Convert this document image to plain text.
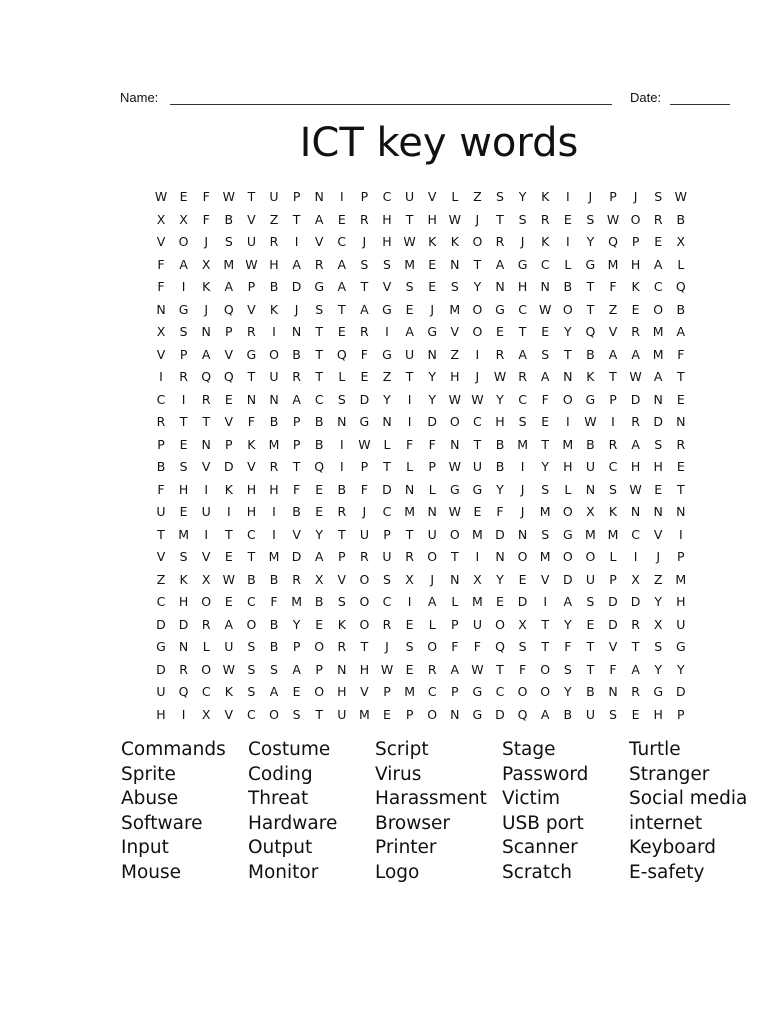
Name:	Date:
ICT key words
W E	F	W	T	U	P	N	I	P	C	U	V	L	Z	S	Y	K	I	J	P	J	S W
X	X	F	B	V	Z	T	A	E	R	H	T	H W	J	T	S	R	E	S W O	R	B
V	O	J	S	U	R	I	V	C	J	H W K	K	O	R	J	K	I	Y	Q	P	E	X
F	A	X	M W H	A	R	A	S	S	M	E	N	T	A	G	C	L	G M	H	A	L
F	I	K	A	P	B	D	G	A	T	V	S	E	S	Y	N	H	N	B	T	F	K	C	Q
N	G	J	Q	V	K	J	S	T	A	G	E	J	M O	G	C W O	T	Z	E	O	B
X	S	N	P	R	I	N	T	E	R	I	A	G	V	O	E	T	E	Y	Q	V	R	M	A
V	P	A	V	G	O	B	T	Q	F	G	U	N	Z	I	R	A	S	T	B	A	A	M	F
I	R	Q	Q	T	U	R	T	L	E	Z	T	Y	H	J	W R	A	N	K	T	W A	T
C	I	R	E	N	N	A	C	S	D	Y	I	Y	W W	Y	C	F	O	G	P	D	N	E
R	T	T	V	F	B	P	B	N	G	N	I	D	O	C	H	S	E	I	W	I	R	D	N
P	E	N	P	K	M	P	B	I	W	L	F	F	N	T	B	M	T	M	B	R	A	S	R
B	S	V	D	V	R	T	Q	I	P	T	L	P	W U	B	I	Y	H	U	C	H	H	E
F	H	I	K	H	H	F	E	B	F	D	N	L	G	G	Y	J	S	L	N	S W E	T
U	E	U	I	H	I	B	E	R	J	C	M	N W E	F	J	M O	X	K	N	N	N
T	M	I	T	C	I	V	Y	T	U	P	T	U	O M D	N	S	G M M	C	V	I
V	S	V	E	T	M D	A	P	R	U	R	O	T	I	N	O M O	O	L	I	J	P
Z	K	X W B	B	R	X	V	O	S	X	J	N	X	Y	E	V	D	U	P	X	Z	M
C	H	O	E	C	F	M	B	S	O	C	I	A	L	M	E	D	I	A	S	D	D	Y	H
D	D	R	A	O	B	Y	E	K	O	R	E	L	P	U	O	X	T	Y	E	D	R	X	U
G	N	L	U	S	B	P	O	R	T	J	S	O	F	F	Q	S	T	F	T	V	T	S	G
D	R	O W S	S	A	P	N	H W E	R	A W	T	F	O	S	T	F	A	Y	Y
U	Q	C	K	S	A	E	O	H	V	P	M	C	P	G	C	O	O	Y	B	N	R	G	D
H	I	X	V	C	O	S	T	U	M	E	P	O	N	G	D	Q	A	B	U	S	E	H	P
Commands
Sprite
Abuse
Software
Input
Mouse
Costume
Coding
Threat
Hardware
Output
Monitor
Script
Virus
Harassment
Browser
Printer
Logo
Stage
Password
Victim
USB port
Scanner
Scratch
Turtle
Stranger
Social media
internet
Keyboard
E-safety
